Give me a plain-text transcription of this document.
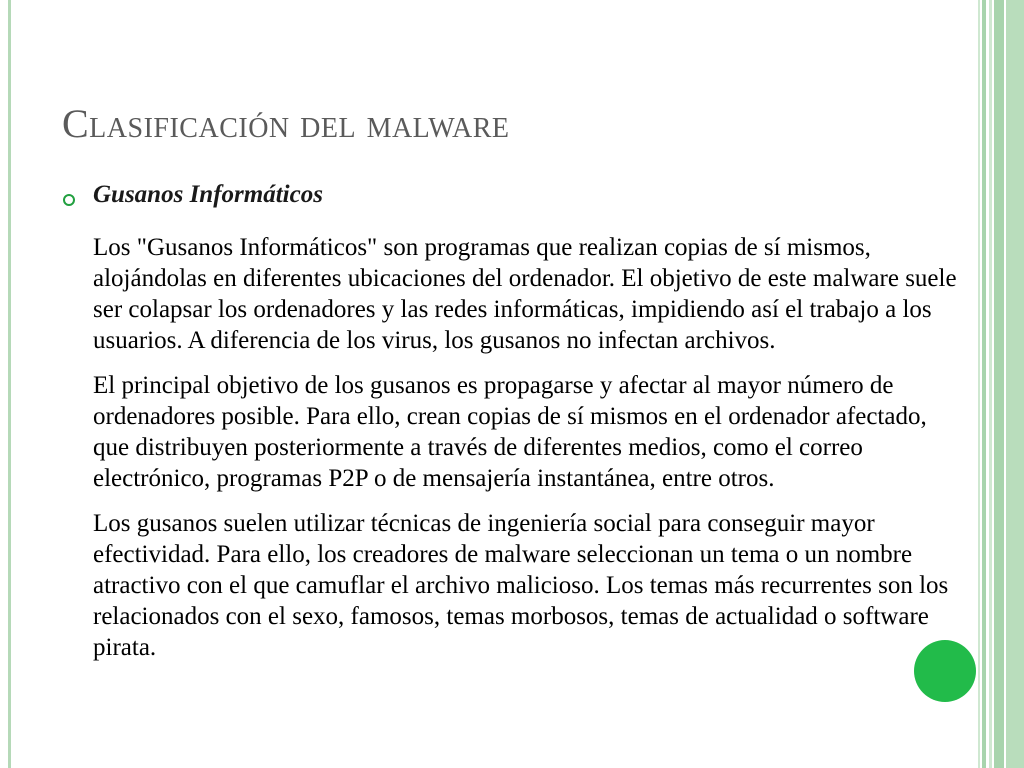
Clasificación del malware
Gusanos Informáticos

Los "Gusanos Informáticos" son programas que realizan copias de sí mismos, alojándolas en diferentes ubicaciones del ordenador. El objetivo de este malware suele ser colapsar los ordenadores y las redes informáticas, impidiendo así el trabajo a los usuarios. A diferencia de los virus, los gusanos no infectan archivos.

El principal objetivo de los gusanos es propagarse y afectar al mayor número de ordenadores posible. Para ello, crean copias de sí mismos en el ordenador afectado, que distribuyen posteriormente a través de diferentes medios, como el correo electrónico, programas P2P o de mensajería instantánea, entre otros.

Los gusanos suelen utilizar técnicas de ingeniería social para conseguir mayor efectividad. Para ello, los creadores de malware seleccionan un tema o un nombre atractivo con el que camuflar el archivo malicioso. Los temas más recurrentes son los relacionados con el sexo, famosos, temas morbosos, temas de actualidad o software pirata.
